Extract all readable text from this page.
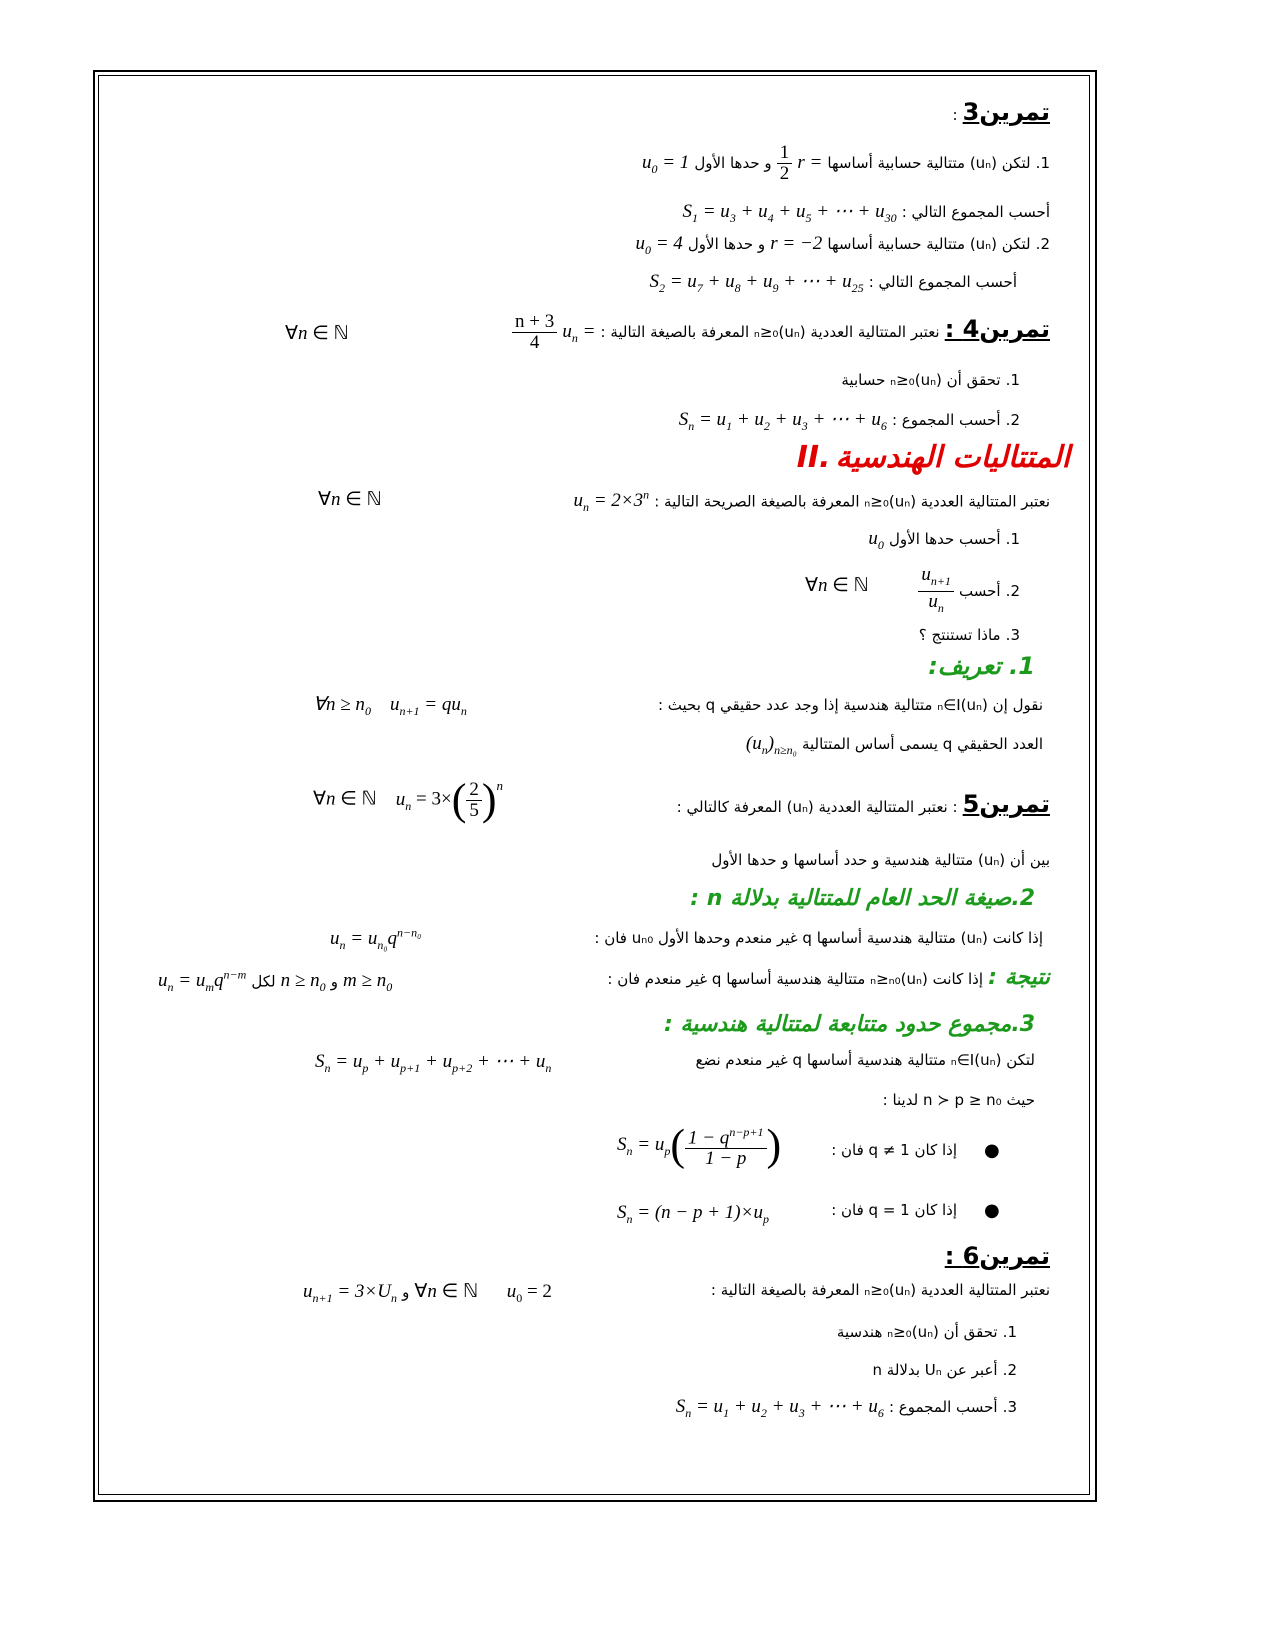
تمرين3 :
1. لتكن (uₙ) متتالية حسابية أساسها r =
$\frac{1}{2}$
و حدها الأول $u_0 = 1$
أحسب المجموع التالي : $S_1 = u_3 + u_4 + u_5$ + ⋯ + $u_{30}$
2. لتكن (uₙ) متتالية حسابية أساسها r = −2 و حدها الأول $u_0 = 4$
أحسب المجموع التالي : $S_2 = u_7 + u_8 + u_9$ + ⋯ + $u_{25}$
تمرين4 : نعتبر المتتالية العددية (uₙ)ₙ≥₀ المعرفة بالصيغة التالية : $u_n$ =
$\frac{n + 3}{4}$
∀n ∈ ℕ
1. تحقق أن (uₙ)ₙ≥₀ حسابية
2. أحسب المجموع : $S_n = u_1 + u_2 + u_3$ + ⋯ + $u_6$
II. المتتاليات الهندسية
نعتبر المتتالية العددية (uₙ)ₙ≥₀ المعرفة بالصيغة الصريحة التالية : $u_n = 2\times 3^n$
∀n ∈ ℕ
1. أحسب حدها الأول $u_0$
2. أحسب
$\frac{u_{n+1}}{u_n}$
∀n ∈ ℕ
3. ماذا تستنتج ؟
1. تعريف:
نقول إن (uₙ)ₙ∈I متتالية هندسية إذا وجد عدد حقيقي q بحيث :
∀n ≥ $n_0$    $u_{n+1} = qu_n$
العدد الحقيقي q يسمى أساس المتتالية $(u_n)_{n\ge n_0}$
تمرين5 : نعتبر المتتالية العددية (uₙ) المعرفة كالتالي :
∀n ∈ ℕ    $u_n = 3\times( \frac{2}{5} )^n$
بين أن (uₙ) متتالية هندسية و حدد أساسها و حدها الأول
2.صيغة الحد العام للمتتالية بدلالة n :
إذا كانت (uₙ) متتالية هندسية أساسها q غير منعدم وحدها الأول uₙ₀ فان :
$u_n = u_{n_0}q^{n-n_0}$
نتيجة : إذا كانت (uₙ)ₙ≥ₙ₀ متتالية هندسية أساسها q غير منعدم فان :
$m \ge n_0$ و $n \ge n_0$ لكل $u_n = u_mq^{n-m}$
3.مجموع حدود متتابعة لمتتالية هندسية :
لتكن (uₙ)ₙ∈I متتالية هندسية أساسها q غير منعدم نضع
$S_n = u_p + u_{p+1} + u_{p+2}$ + ⋯ + $u_n$
حيث n ≻ p ≥ n₀ لدينا :
●
إذا كان q ≠ 1 فان :
$S_n = u_p( \frac{1 - q^{n-p+1}}{1 - p}$ )
●
إذا كان q = 1 فان :
$S_n = (n - p + 1)\times u_p$
تمرين6 :
نعتبر المتتالية العددية (uₙ)ₙ≥₀ المعرفة بالصيغة التالية :
∀n ∈ ℕ      $u_0 = 2$ و $u_{n+1} = 3\times U_n$
1. تحقق أن (uₙ)ₙ≥₀ هندسية
2. أعبر عن Uₙ بدلالة n
3. أحسب المجموع : $S_n = u_1 + u_2 + u_3$ + ⋯ + $u_6$
